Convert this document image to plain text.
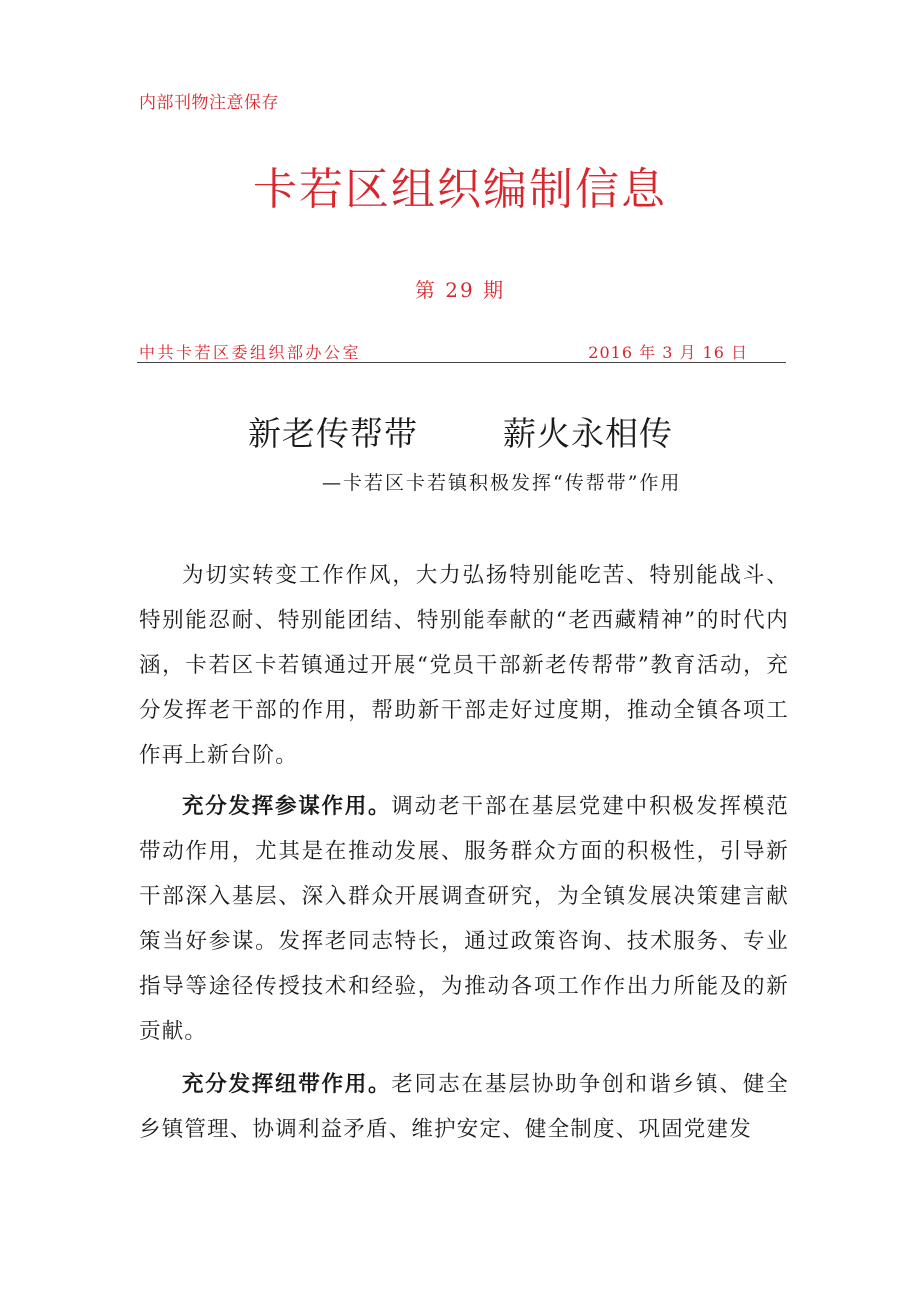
内部刊物注意保存
卡若区组织编制信息
第 29 期
中共卡若区委组织部办公室	2016 年 3 月 16 日
新老传帮带	薪火永相传
—卡若区卡若镇积极发挥“传帮带”作用

为切实转变工作作风，大力弘扬特别能吃苦、特别能战斗、特别能忍耐、特别能团结、特别能奉献的“老西藏精神”的时代内涵，卡若区卡若镇通过开展“党员干部新老传帮带”教育活动，充分发挥老干部的作用，帮助新干部走好过度期，推动全镇各项工作再上新台阶。

充分发挥参谋作用。调动老干部在基层党建中积极发挥模范带动作用，尤其是在推动发展、服务群众方面的积极性，引导新干部深入基层、深入群众开展调查研究，为全镇发展决策建言献策当好参谋。发挥老同志特长，通过政策咨询、技术服务、专业指导等途径传授技术和经验，为推动各项工作作出力所能及的新贡献。

充分发挥纽带作用。老同志在基层协助争创和谐乡镇、健全乡镇管理、协调利益矛盾、维护安定、健全制度、巩固党建发
